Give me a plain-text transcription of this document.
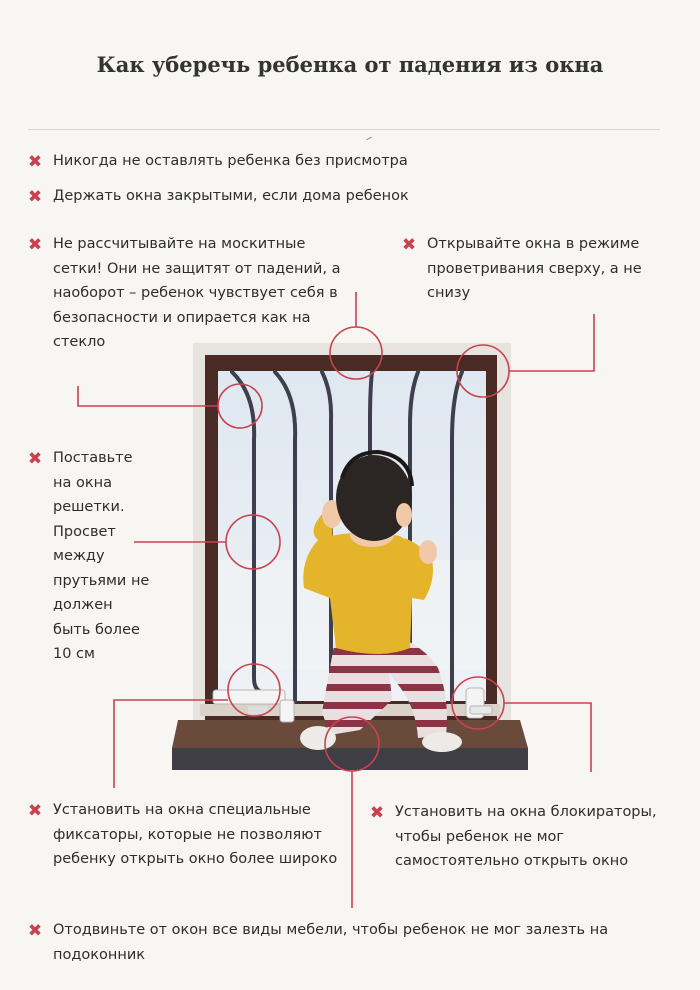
Как уберечь ребенка от падения из окна
✖ Никогда не оставлять ребенка без присмотра
✖ Держать окна закрытыми, если дома ребенок
✖ Не рассчитывайте на москитные сетки! Они не защитят от падений, а наоборот – ребенок чувствует себя в безопасности и опирается как на стекло
✖ Открывайте окна в режиме проветривания сверху, а не снизу
✖ Поставьте на окна решетки. Просвет между прутьями не должен быть более 10 см
✖ Установить на окна специальные фиксаторы, которые не позволяют ребенку открыть окно более широко
✖ Установить на окна блокираторы, чтобы ребенок не мог самостоятельно открыть окно
✖ Отодвиньте от окон все виды мебели, чтобы ребенок не мог залезть на подоконник
